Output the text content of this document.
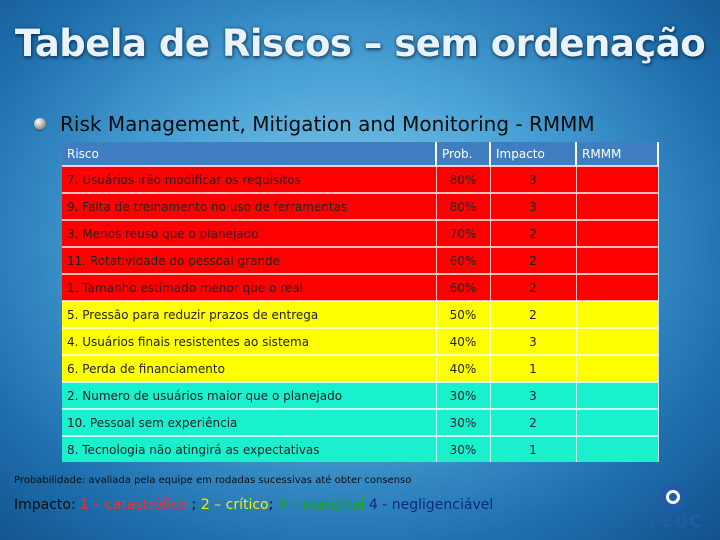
Tabela de Riscos – sem ordenação
Risk Management, Mitigation and Monitoring - RMMM
Risco	Prob.	Impacto	RMMM
7. Usuários irão modificar os requisitos	80%	3	
9. Falta de treinamento no uso de ferramentas	80%	3	
3. Menos reuso que o planejado	70%	2	
11. Rotatividade do pessoal grande	60%	2	
1. Tamanho estimado menor que o real	60%	2	
5. Pressão para reduzir prazos de entrega	50%	2	
4. Usuários finais resistentes ao sistema	40%	3	
6. Perda de financiamento	40%	1	
2. Numero de usuários maior que o planejado	30%	3	
10. Pessoal sem experiência	30%	2	
8. Tecnologia não atingirá as expectativas	30%	1	
Probabilidade: avaliada pela equipe em rodadas sucessivas até obter consenso
Impacto: 1 – catastrófico ; 2 – crítico; 3 – marginal 4 - negligenciável
FEUC
